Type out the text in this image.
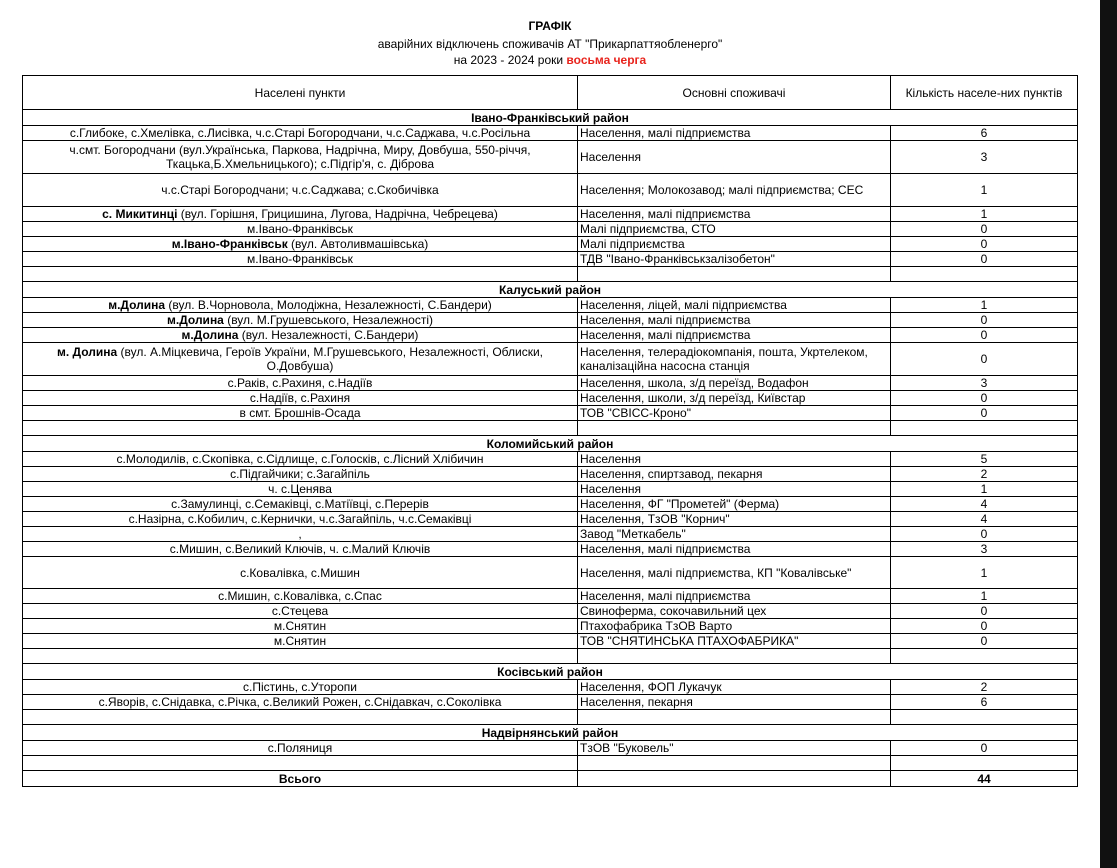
ГРАФІК
аварійних відключень споживачів АТ "Прикарпаттяобленерго"
на 2023 - 2024 роки восьма черга
Населені пункти	Основні споживачі	Кількість населе-них пунктів
Івано-Франківський район		
с.Глибоке, с.Хмелівка, с.Лисівка, ч.с.Старі Богородчани, ч.с.Саджава, ч.с.Росільна	Населення, малі підприємства	6
ч.смт. Богородчани (вул.Українська, Паркова, Надрічна, Миру, Довбуша, 550-річчя, Ткацька,Б.Хмельницького); с.Підгір'я, с. Діброва	Населення	3
ч.с.Старі Богородчани; ч.с.Саджава; с.Скобичівка	Населення; Молокозавод; малі підприємства; СЕС	1
с. Микитинці (вул. Горішня, Грицишина, Лугова, Надрічна, Чебрецева)	Населення, малі підприємства	1
м.Івано-Франківськ	Малі підприємства, СТО	0
м.Івано-Франківськ (вул. Автоливмашівська)	Малі підприємства	0
м.Івано-Франківськ	ТДВ "Івано-Франківськзалізобетон"	0

Калуський район		
м.Долина (вул. В.Чорновола, Молодіжна, Незалежності, С.Бандери)	Населення, ліцей, малі підприємства	1
м.Долина (вул. М.Грушевського, Незалежності)	Населення, малі підприємства	0
м.Долина (вул. Незалежності, С.Бандери)	Населення, малі підприємства	0
м. Долина (вул. А.Міцкевича, Героїв України, М.Грушевського, Незалежності, Облиски, О.Довбуша)	Населення, телерадіокомпанія, пошта, Укртелеком, каналізаційна насосна станція	0
с.Раків, с.Рахиня, с.Надіїв	Населення, школа, з/д переїзд, Водафон	3
с.Надіїв, с.Рахиня	Населення, школи, з/д переїзд, Київстар	0
в смт. Брошнів-Осада	ТОВ "СВІСС-Кроно"	0

Коломийський район		
с.Молодилів, с.Скопівка, с.Сідлище, с.Голосків, с.Лісний Хлібичин	Населення	5
с.Підгайчики; с.Загайпіль	Населення, спиртзавод, пекарня	2
ч. с.Ценява	Населення	1
с.Замулинці, с.Семаківці, с.Матіївці, с.Перерів	Населення, ФГ "Прометей" (Ферма)	4
с.Назірна, с.Кобилич, с.Кернички, ч.с.Загайпіль, ч.с.Семаківці	Населення, ТзОВ "Корнич"	4
,	Завод "Меткабель"	0
с.Мишин, с.Великий Ключів, ч. с.Малий Ключів	Населення, малі підприємства	3
с.Ковалівка, с.Мишин	Населення, малі підприємства, КП "Ковалівське"	1
с.Мишин, с.Ковалівка, с.Спас	Населення, малі підприємства	1
с.Стецева	Свиноферма, сокочавильний цех	0
м.Снятин	Птахофабрика ТзОВ Варто	0
м.Снятин	ТОВ "СНЯТИНСЬКА ПТАХОФАБРИКА"	0

Косівський район		
с.Пістинь, с.Уторопи	Населення, ФОП Лукачук	2
с.Яворів, с.Снідавка, с.Річка, с.Великий Рожен, с.Снідавкач, с.Соколівка	Населення, пекарня	6

Надвірнянський район		
с.Поляниця	ТзОВ "Буковель"	0

Всього		44
